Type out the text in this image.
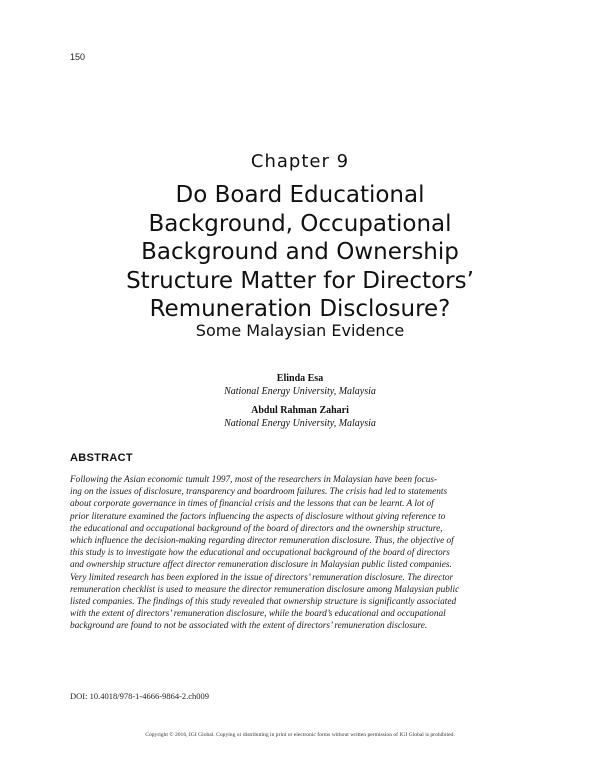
150
Chapter 9
Do Board Educational
Background, Occupational
Background and Ownership
Structure Matter for Directors’
Remuneration Disclosure?
Some Malaysian Evidence
Elinda Esa
National Energy University, Malaysia
Abdul Rahman Zahari
National Energy University, Malaysia
ABSTRACT

Following the Asian economic tumult 1997, most of the researchers in Malaysian have been focus-
ing on the issues of disclosure, transparency and boardroom failures. The crisis had led to statements
about corporate governance in times of financial crisis and the lessons that can be learnt. A lot of
prior literature examined the factors influencing the aspects of disclosure without giving reference to
the educational and occupational background of the board of directors and the ownership structure,
which influence the decision-making regarding director remuneration disclosure. Thus, the objective of
this study is to investigate how the educational and occupational background of the board of directors
and ownership structure affect director remuneration disclosure in Malaysian public listed companies.
Very limited research has been explored in the issue of directors’ remuneration disclosure. The director
remuneration checklist is used to measure the director remuneration disclosure among Malaysian public
listed companies. The findings of this study revealed that ownership structure is significantly associated
with the extent of directors’ remuneration disclosure, while the board’s educational and occupational
background are found to not be associated with the extent of directors’ remuneration disclosure.

DOI: 10.4018/978-1-4666-9864-2.ch009
Copyright © 2016, IGI Global. Copying or distributing in print or electronic forms without written permission of IGI Global is prohibited.
